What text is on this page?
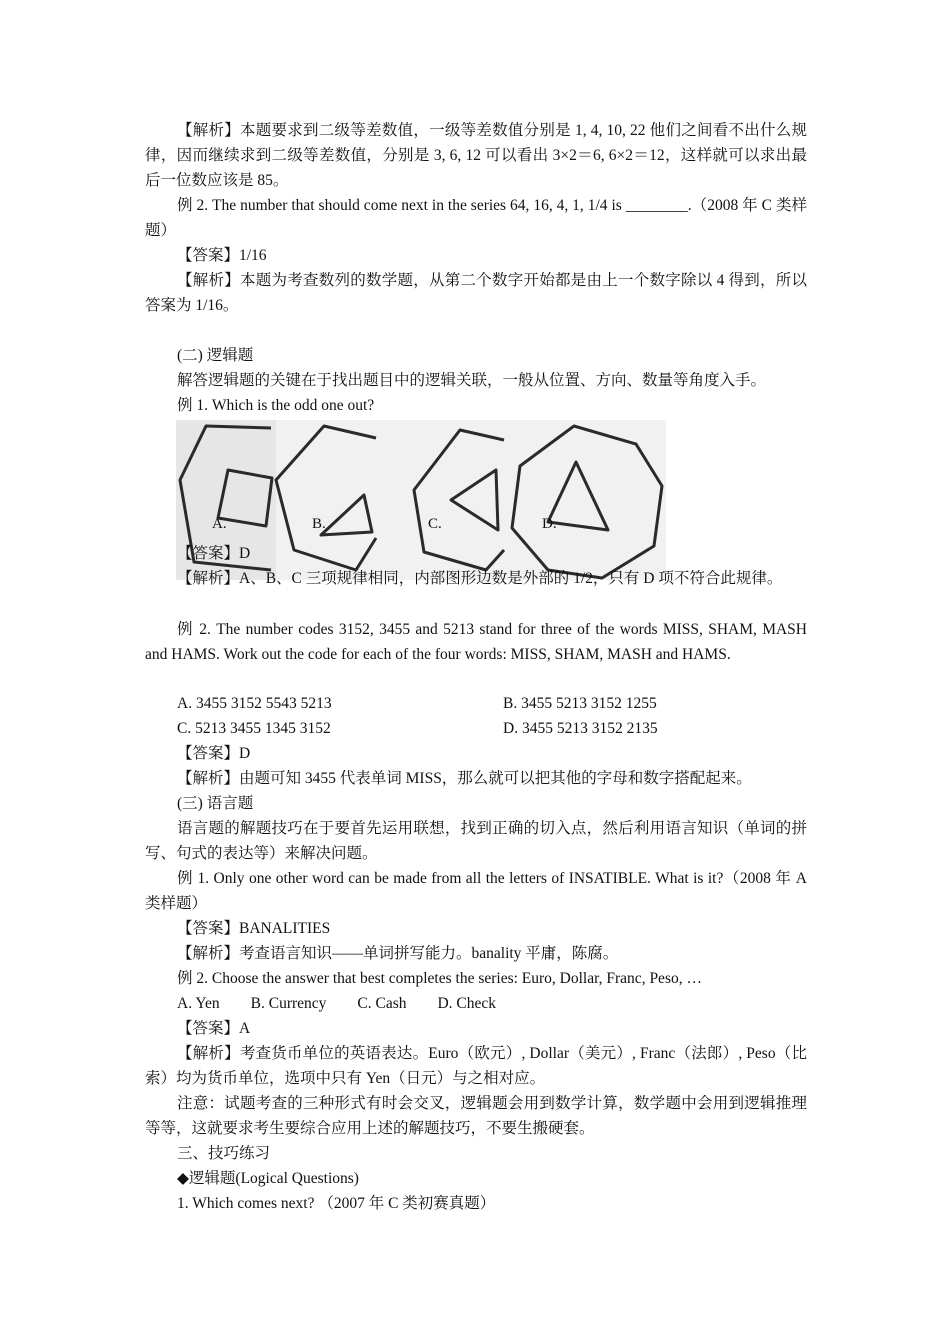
【解析】本题要求到二级等差数值，一级等差数值分别是 1, 4, 10, 22 他们之间看不出什么规律，因而继续求到二级等差数值，分别是 3, 6, 12 可以看出 3×2＝6, 6×2＝12，这样就可以求出最后一位数应该是 85。

例 2. The number that should come next in the series 64, 16, 4, 1, 1/4 is ________.（2008 年 C 类样题）

【答案】1/16

【解析】本题为考查数列的数学题，从第二个数字开始都是由上一个数字除以 4 得到，所以答案为 1/16。

(二) 逻辑题

解答逻辑题的关键在于找出题目中的逻辑关联，一般从位置、方向、数量等角度入手。

例 1. Which is the odd one out?

A.	B.	C.	D.

【答案】D

【解析】A、B、C 三项规律相同，内部图形边数是外部的 1/2，只有 D 项不符合此规律。

例 2. The number codes 3152, 3455 and 5213 stand for three of the words MISS, SHAM, MASH and HAMS. Work out the code for each of the four words: MISS, SHAM, MASH and HAMS.

A. 3455 3152 5543 5213	B. 3455 5213 3152 1255
C. 5213 3455 1345 3152	D. 3455 5213 3152 2135

【答案】D

【解析】由题可知 3455 代表单词 MISS，那么就可以把其他的字母和数字搭配起来。

(三) 语言题

语言题的解题技巧在于要首先运用联想，找到正确的切入点，然后利用语言知识（单词的拼写、句式的表达等）来解决问题。

例 1. Only one other word can be made from all the letters of INSATIBLE. What is it?（2008 年 A 类样题）

【答案】BANALITIES

【解析】考查语言知识——单词拼写能力。banality 平庸，陈腐。

例 2. Choose the answer that best completes the series: Euro, Dollar, Franc, Peso, …

A. Yen　　B. Currency　　C. Cash　　D. Check

【答案】A

【解析】考查货币单位的英语表达。Euro（欧元）, Dollar（美元）, Franc（法郎）, Peso（比索）均为货币单位，选项中只有 Yen（日元）与之相对应。

注意：试题考查的三种形式有时会交叉，逻辑题会用到数学计算，数学题中会用到逻辑推理等等，这就要求考生要综合应用上述的解题技巧，不要生搬硬套。

三、技巧练习

◆逻辑题(Logical Questions)

1. Which comes next? （2007 年 C 类初赛真题）
